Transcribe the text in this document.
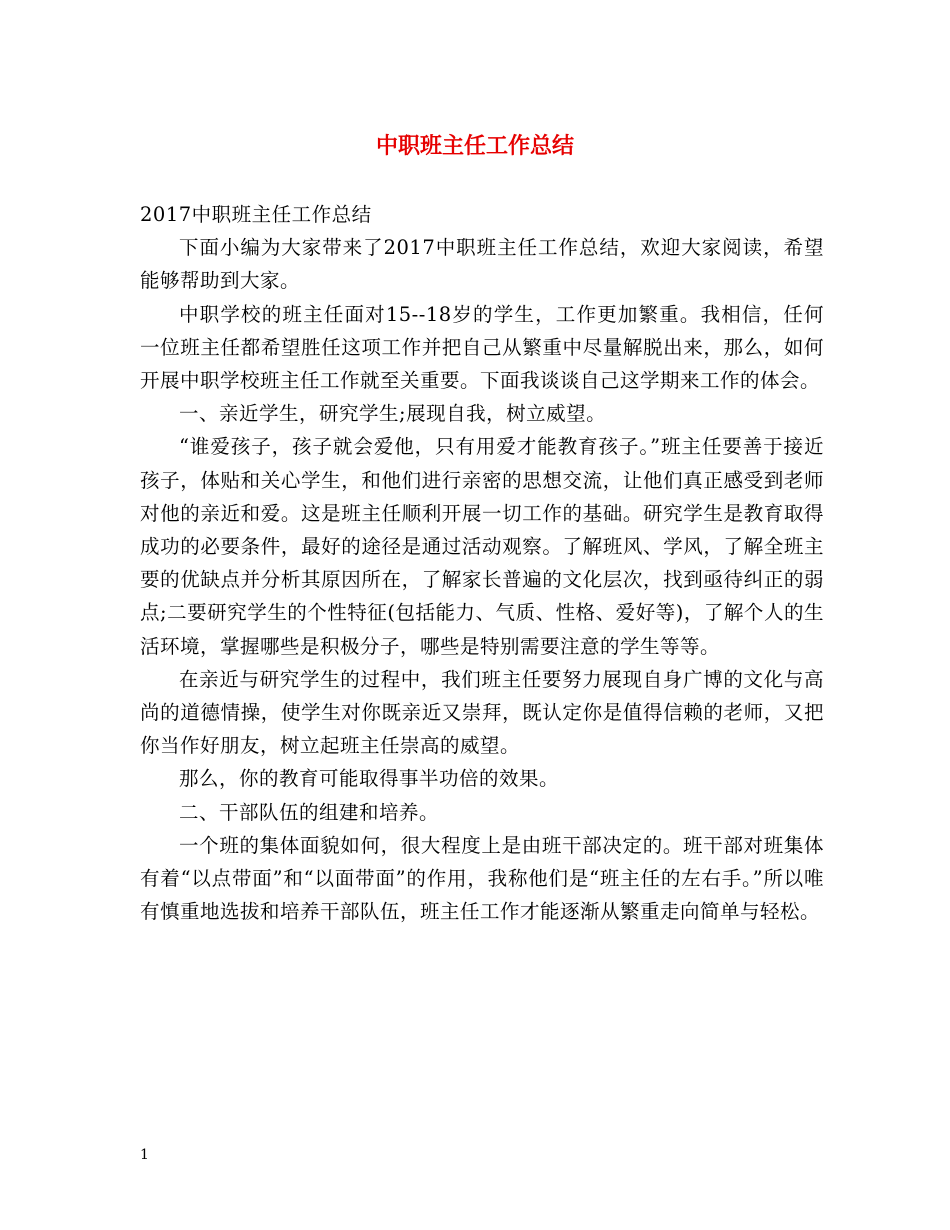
中职班主任工作总结

2017中职班主任工作总结

下面小编为大家带来了2017中职班主任工作总结，欢迎大家阅读，希望能够帮助到大家。

中职学校的班主任面对15--18岁的学生，工作更加繁重。我相信，任何一位班主任都希望胜任这项工作并把自己从繁重中尽量解脱出来，那么，如何开展中职学校班主任工作就至关重要。下面我谈谈自己这学期来工作的体会。

一、亲近学生，研究学生;展现自我，树立威望。

“谁爱孩子，孩子就会爱他，只有用爱才能教育孩子。”班主任要善于接近孩子，体贴和关心学生，和他们进行亲密的思想交流，让他们真正感受到老师对他的亲近和爱。这是班主任顺利开展一切工作的基础。研究学生是教育取得成功的必要条件，最好的途径是通过活动观察。了解班风、学风，了解全班主要的优缺点并分析其原因所在，了解家长普遍的文化层次，找到亟待纠正的弱点;二要研究学生的个性特征(包括能力、气质、性格、爱好等)，了解个人的生活环境，掌握哪些是积极分子，哪些是特别需要注意的学生等等。

在亲近与研究学生的过程中，我们班主任要努力展现自身广博的文化与高尚的道德情操，使学生对你既亲近又崇拜，既认定你是值得信赖的老师，又把你当作好朋友，树立起班主任崇高的威望。

那么，你的教育可能取得事半功倍的效果。

二、干部队伍的组建和培养。

一个班的集体面貌如何，很大程度上是由班干部决定的。班干部对班集体有着“以点带面”和“以面带面”的作用，我称他们是“班主任的左右手。”所以唯有慎重地选拔和培养干部队伍，班主任工作才能逐渐从繁重走向简单与轻松。

1
